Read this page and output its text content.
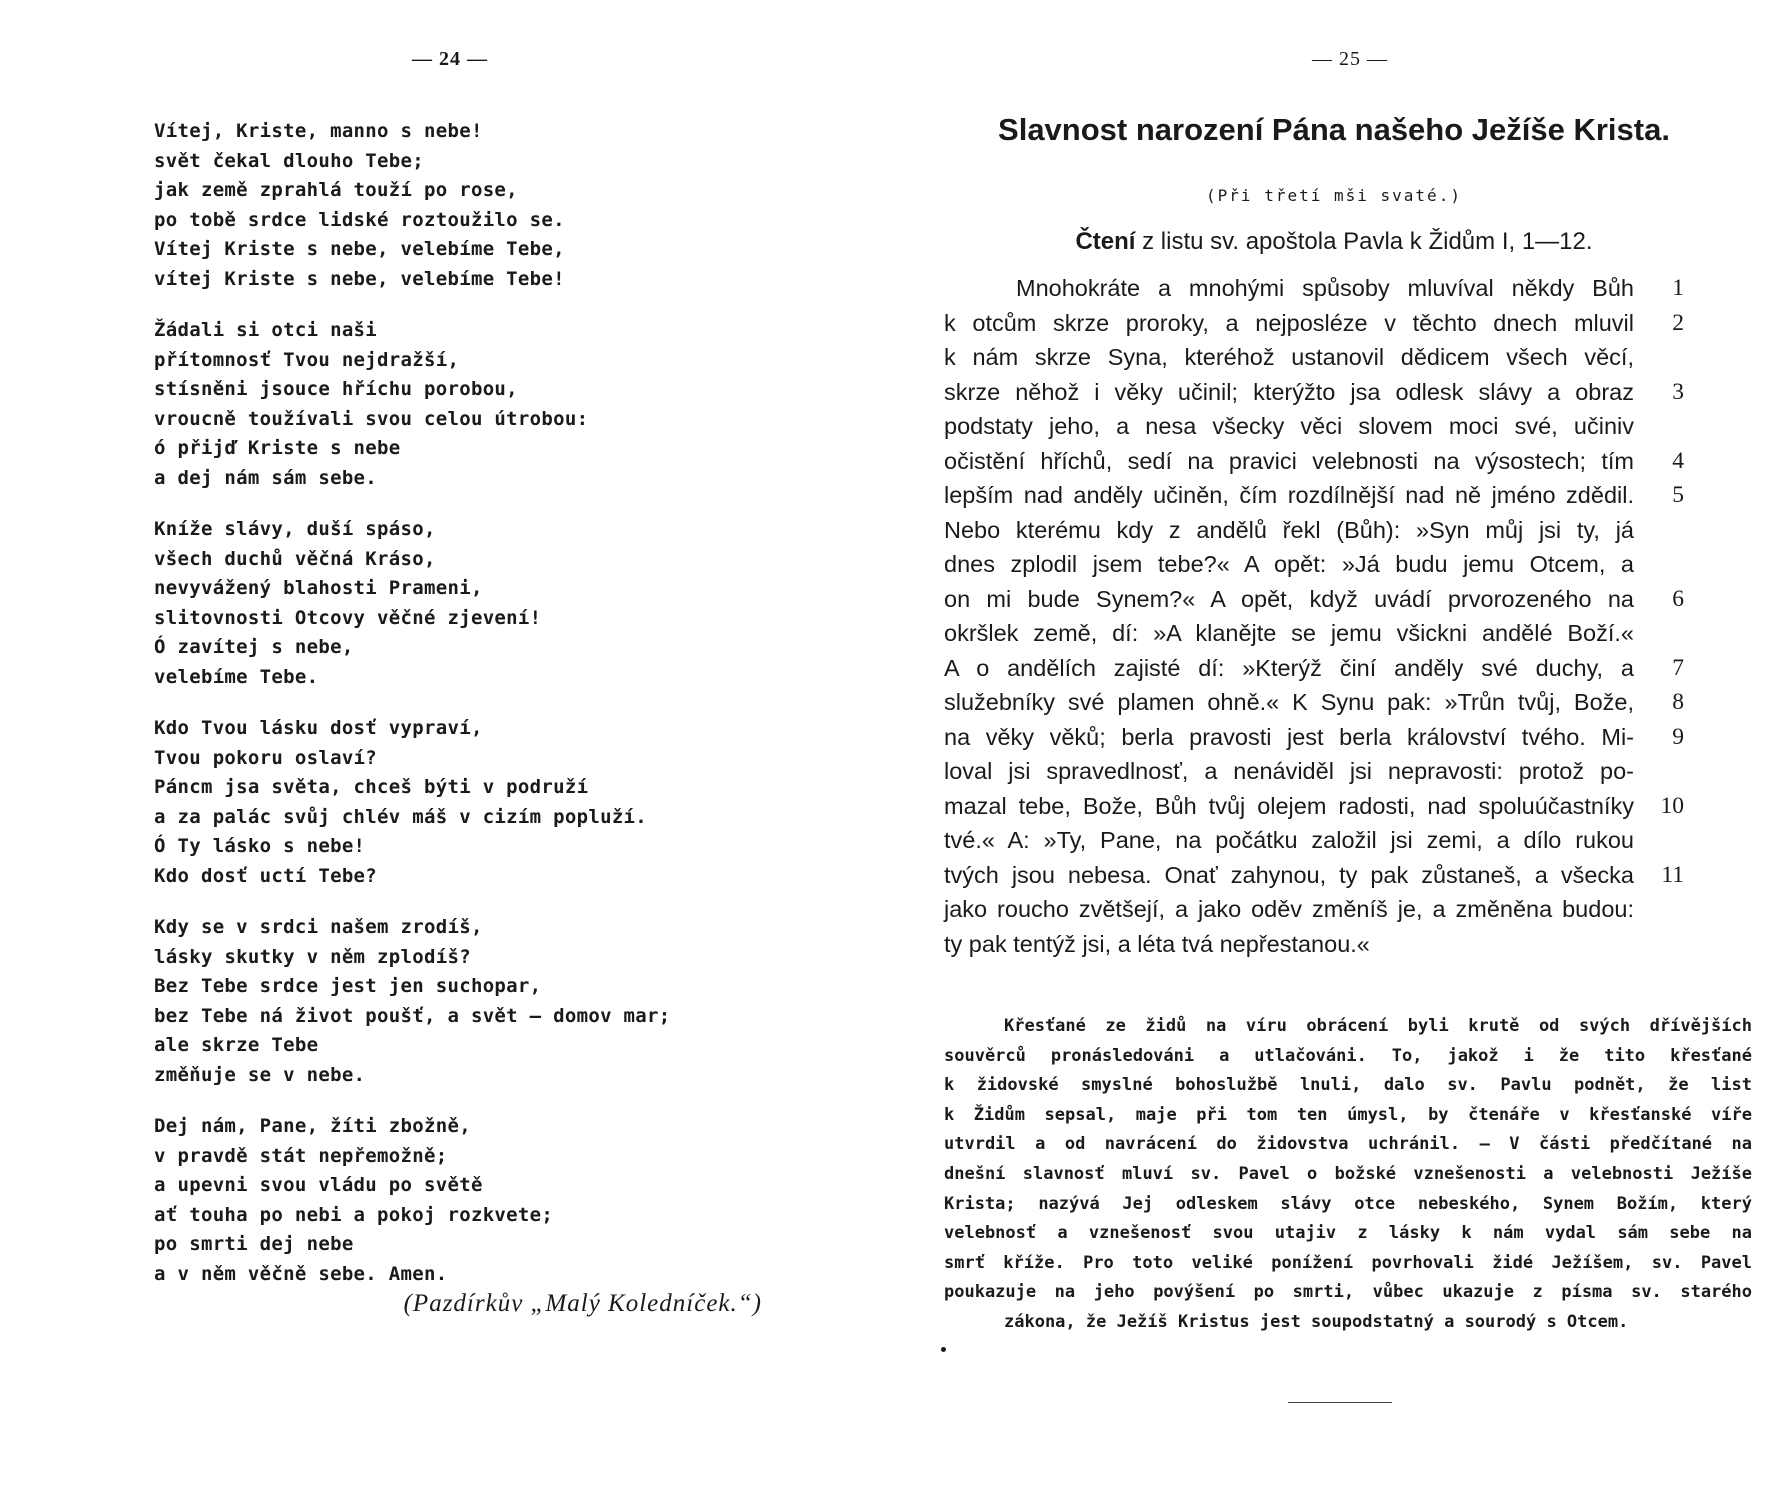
— 24 —
Vítej, Kriste, manno s nebe!
svět čekal dlouho Tebe;
jak země zprahlá touží po rose,
po tobě srdce lidské roztoužilo se.
Vítej Kriste s nebe, velebíme Tebe,
vítej Kriste s nebe, velebíme Tebe!
Žádali si otci naši
přítomnosť Tvou nejdražší,
stísněni jsouce hříchu porobou,
vroucně toužívali svou celou útrobou:
ó přijď Kriste s nebe
a dej nám sám sebe.
Kníže slávy, duší spáso,
všech duchů věčná Kráso,
nevyvážený blahosti Prameni,
slitovnosti Otcovy věčné zjevení!
Ó zavítej s nebe,
velebíme Tebe.
Kdo Tvou lásku dosť vypraví,
Tvou pokoru oslaví?
Páncm jsa světa, chceš býti v podruží
a za palác svůj chlév máš v cizím popluží.
Ó Ty lásko s nebe!
Kdo dosť uctí Tebe?
Kdy se v srdci našem zrodíš,
lásky skutky v něm zplodíš?
Bez Tebe srdce jest jen suchopar,
bez Tebe ná život poušť, a svět — domov mar;
ale skrze Tebe
změňuje se v nebe.
Dej nám, Pane, žíti zbožně,
v pravdě stát nepřemožně;
a upevni svou vládu po světě
ať touha po nebi a pokoj rozkvete;
po smrti dej nebe
a v něm věčně sebe. Amen.
(Pazdírkův „Malý Koledníček.“)
— 25 —
Slavnost narození Pána našeho Ježíše Krista.
(Při třetí mši svaté.)
Čtení z listu sv. apoštola Pavla k Židům I, 1—12.
Mnohokráte a mnohými spůsoby mluvíval někdy Bůh	1
k otcům skrze proroky, a nejposléze v těchto dnech mluvil	2
k nám skrze Syna, kteréhož ustanovil dědicem všech věcí,
skrze něhož i věky učinil; kterýžto jsa odlesk slávy a obraz	3
podstaty jeho, a nesa všecky věci slovem moci své, učiniv
očistění hříchů, sedí na pravici velebnosti na výsostech; tím	4
lepším nad anděly učiněn, čím rozdílnější nad ně jméno zdědil.	5
Nebo kterému kdy z andělů řekl (Bůh): »Syn můj jsi ty, já
dnes zplodil jsem tebe?« A opět: »Já budu jemu Otcem, a
on mi bude Synem?« A opět, když uvádí prvorozeného na	6
okršlek země, dí: »A klanějte se jemu všickni andělé Boží.«
A o andělích zajisté dí: »Kterýž činí anděly své duchy, a	7
služebníky své plamen ohně.« K Synu pak: »Trůn tvůj, Bože,	8
na věky věků; berla pravosti jest berla království tvého. Mi-	9
loval jsi spravedlnosť, a nenáviděl jsi nepravosti: protož po-
mazal tebe, Bože, Bůh tvůj olejem radosti, nad spoluúčastníky	10
tvé.« A: »Ty, Pane, na počátku založil jsi zemi, a dílo rukou
tvých jsou nebesa. Onať zahynou, ty pak zůstaneš, a všecka	11
jako roucho zvětšejí, a jako oděv změníš je, a změněna budou:
ty pak tentýž jsi, a léta tvá nepřestanou.«
Křesťané ze židů na víru obrácení byli krutě od svých dřívějších
souvěrců pronásledováni a utlačováni. To, jakož i že tito křesťané
k židovské smyslné bohoslužbě lnuli, dalo sv. Pavlu podnět, že list
k Židům sepsal, maje při tom ten úmysl, by čtenáře v křesťanské víře
utvrdil a od navrácení do židovstva uchránil. — V části předčítané na
dnešní slavnosť mluví sv. Pavel o božské vznešenosti a velebnosti Ježíše
Krista; nazývá Jej odleskem slávy otce nebeského, Synem Božím, který
velebnosť a vznešenosť svou utajiv z lásky k nám vydal sám sebe na
smrť kříže. Pro toto veliké ponížení povrhovali židé Ježíšem, sv. Pavel
poukazuje na jeho povýšení po smrti, vůbec ukazuje z písma sv. starého
zákona, že Ježíš Kristus jest soupodstatný a sourodý s Otcem.
